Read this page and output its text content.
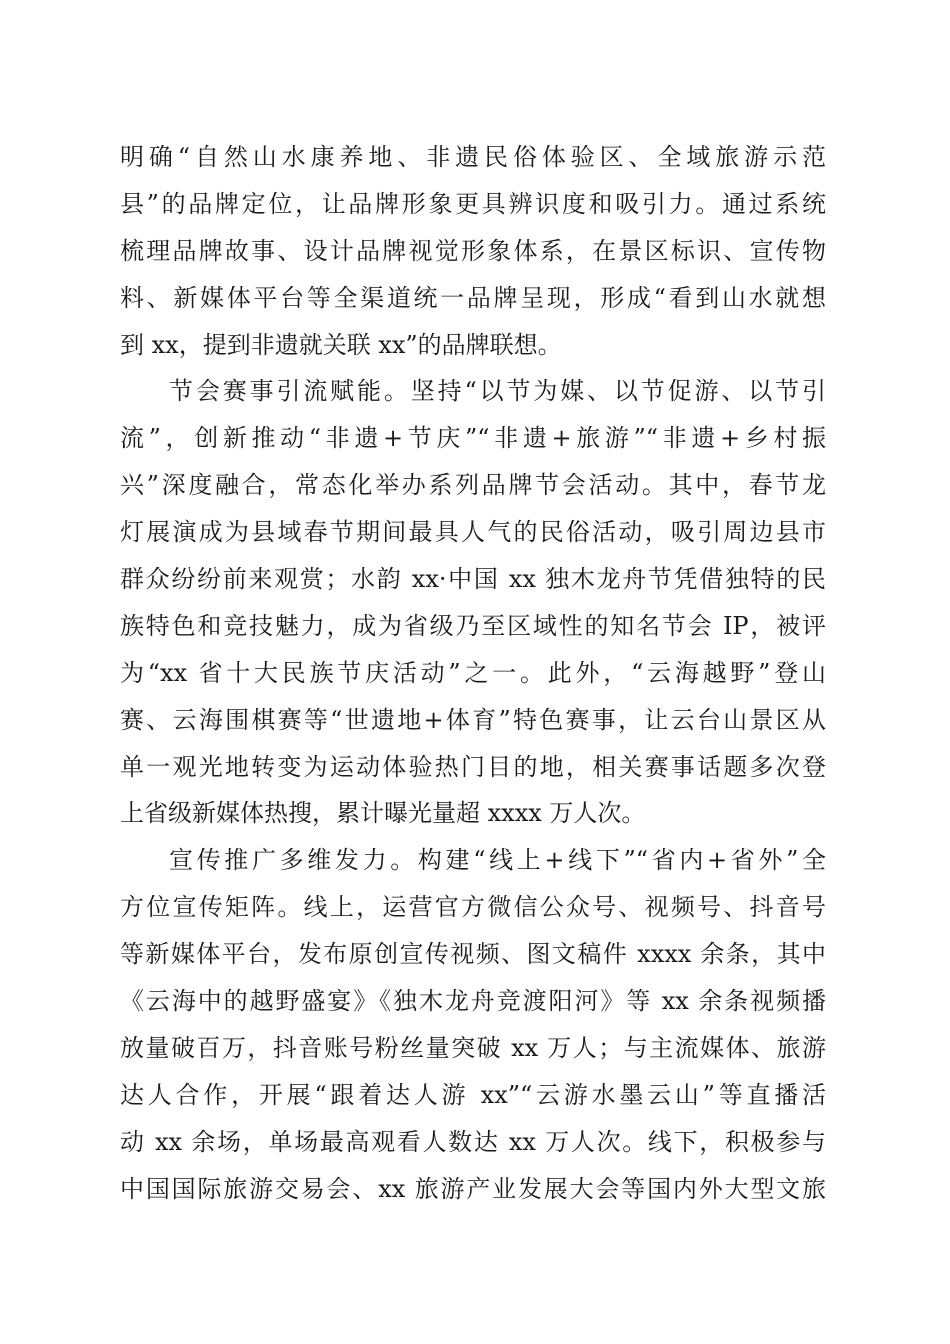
明确“自然山水康养地、非遗民俗体验区、全域旅游示范
县”的品牌定位，让品牌形象更具辨识度和吸引力。通过系统
梳理品牌故事、设计品牌视觉形象体系，在景区标识、宣传物
料、新媒体平台等全渠道统一品牌呈现，形成“看到山水就想
到 xx，提到非遗就关联 xx”的品牌联想。
节会赛事引流赋能。坚持“以节为媒、以节促游、以节引
流”，创新推动“非遗+节庆”“非遗+旅游”“非遗+乡村振
兴”深度融合，常态化举办系列品牌节会活动。其中，春节龙
灯展演成为县域春节期间最具人气的民俗活动，吸引周边县市
群众纷纷前来观赏；水韵 xx·中国 xx 独木龙舟节凭借独特的民
族特色和竞技魅力，成为省级乃至区域性的知名节会 IP，被评
为“xx 省十大民族节庆活动”之一。此外，“云海越野”登山
赛、云海围棋赛等“世遗地+体育”特色赛事，让云台山景区从
单一观光地转变为运动体验热门目的地，相关赛事话题多次登
上省级新媒体热搜，累计曝光量超 xxxx 万人次。
宣传推广多维发力。构建“线上+线下”“省内+省外”全
方位宣传矩阵。线上，运营官方微信公众号、视频号、抖音号
等新媒体平台，发布原创宣传视频、图文稿件 xxxx 余条，其中
《云海中的越野盛宴》《独木龙舟竞渡阳河》等 xx 余条视频播
放量破百万，抖音账号粉丝量突破 xx 万人；与主流媒体、旅游
达人合作，开展“跟着达人游 xx”“云游水墨云山”等直播活
动 xx 余场，单场最高观看人数达 xx 万人次。线下，积极参与
中国国际旅游交易会、xx 旅游产业发展大会等国内外大型文旅
